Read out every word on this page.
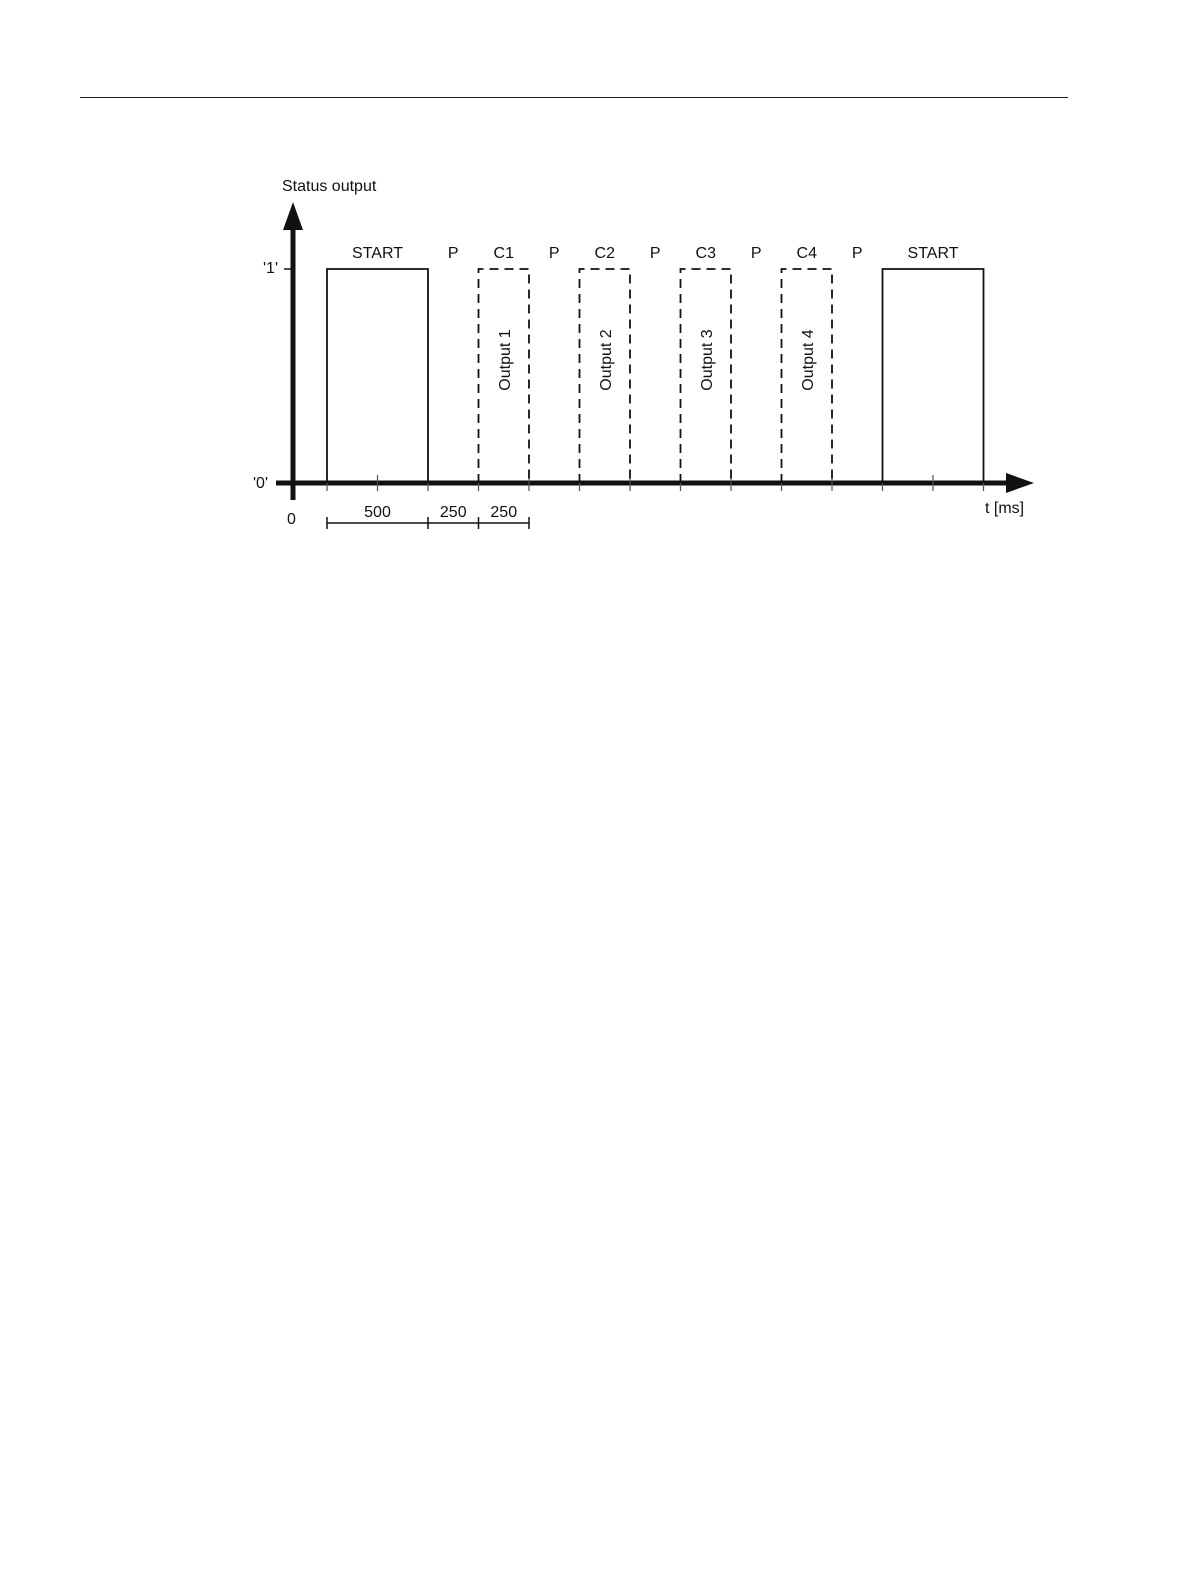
Status output
'1'
'0'
0
t [ms]
Output 1	Output 2	Output 3	Output 4
START	P C1 P C2 P C3 P C4 P	START
500	250 250
